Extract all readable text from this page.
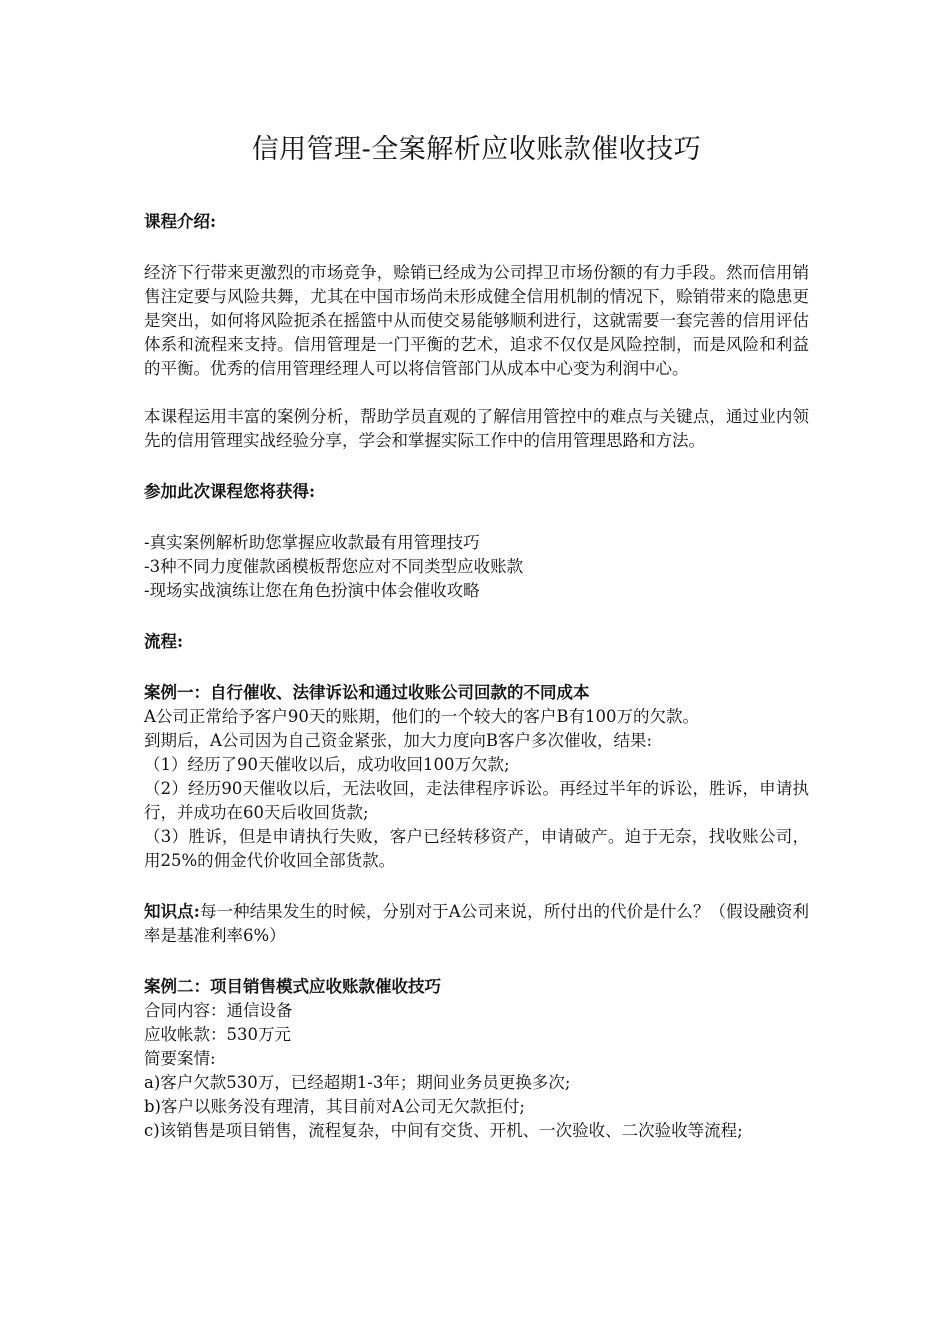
信用管理-全案解析应收账款催收技巧

课程介绍:

经济下行带来更激烈的市场竞争，赊销已经成为公司捍卫市场份额的有力手段。然而信用销售注定要与风险共舞，尤其在中国市场尚未形成健全信用机制的情况下，赊销带来的隐患更是突出，如何将风险扼杀在摇篮中从而使交易能够顺利进行，这就需要一套完善的信用评估体系和流程来支持。信用管理是一门平衡的艺术，追求不仅仅是风险控制，而是风险和利益的平衡。优秀的信用管理经理人可以将信管部门从成本中心变为利润中心。

本课程运用丰富的案例分析，帮助学员直观的了解信用管控中的难点与关键点，通过业内领先的信用管理实战经验分享，学会和掌握实际工作中的信用管理思路和方法。

参加此次课程您将获得:

-真实案例解析助您掌握应收款最有用管理技巧

-3种不同力度催款函模板帮您应对不同类型应收账款

-现场实战演练让您在角色扮演中体会催收攻略

流程:

案例一：自行催收、法律诉讼和通过收账公司回款的不同成本

A公司正常给予客户90天的账期，他们的一个较大的客户B有100万的欠款。

到期后，A公司因为自己资金紧张，加大力度向B客户多次催收，结果:

（1）经历了90天催收以后，成功收回100万欠款;

（2）经历90天催收以后，无法收回，走法律程序诉讼。再经过半年的诉讼，胜诉，申请执行，并成功在60天后收回货款;

（3）胜诉，但是申请执行失败，客户已经转移资产，申请破产。迫于无奈，找收账公司，用25%的佣金代价收回全部货款。

知识点:每一种结果发生的时候，分别对于A公司来说，所付出的代价是什么？（假设融资利率是基准利率6%）

案例二：项目销售模式应收账款催收技巧

合同内容：通信设备

应收帐款：530万元

简要案情:

a)客户欠款530万，已经超期1-3年；期间业务员更换多次;

b)客户以账务没有理清，其目前对A公司无欠款拒付;

c)该销售是项目销售，流程复杂，中间有交货、开机、一次验收、二次验收等流程;
